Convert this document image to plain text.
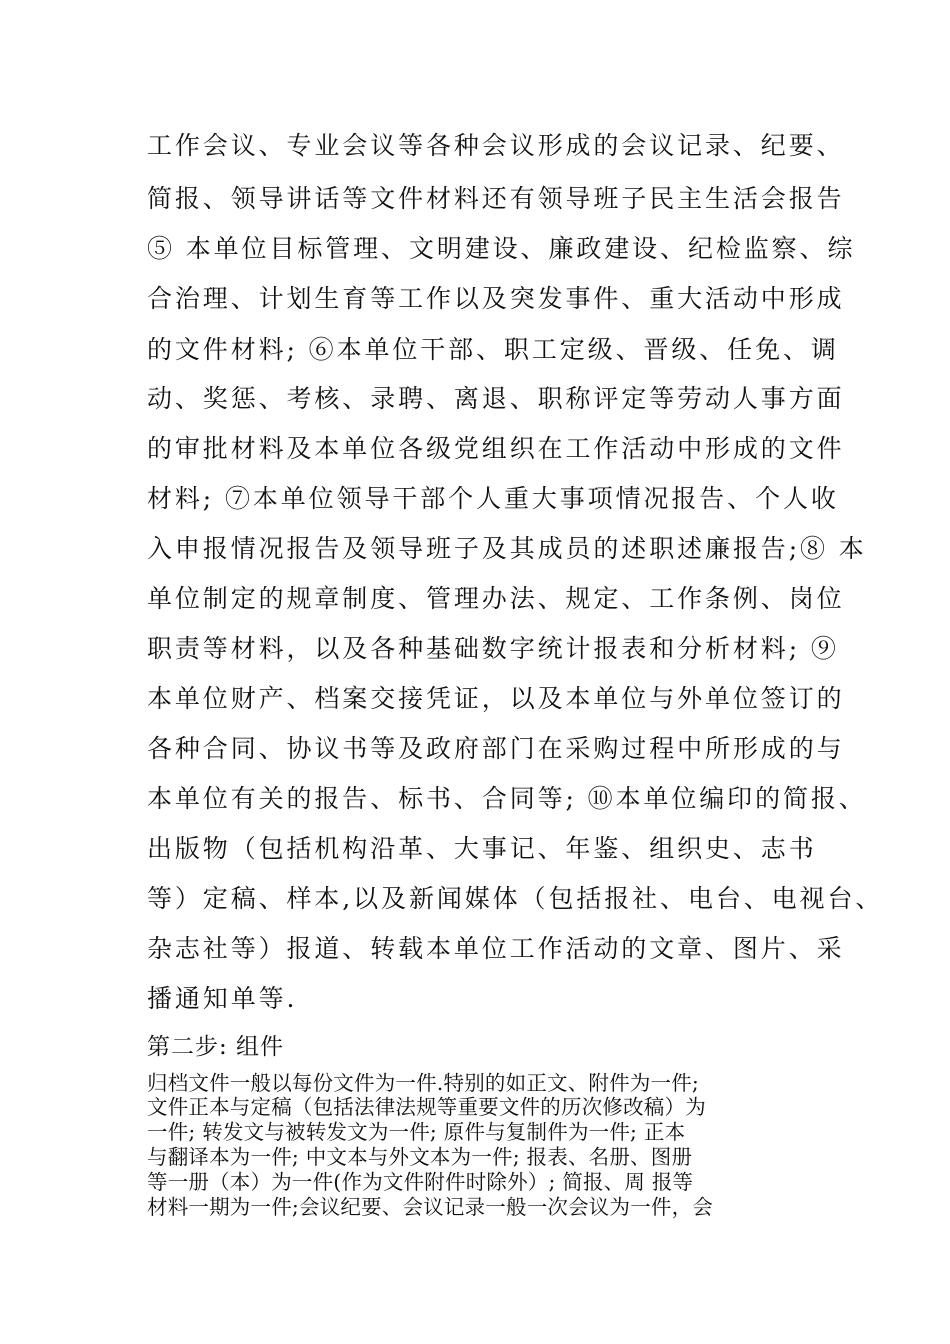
工作会议、专业会议等各种会议形成的会议记录、纪要、

简报、领导讲话等文件材料还有领导班子民主生活会报告

⑤ 本单位目标管理、文明建设、廉政建设、纪检监察、综

合治理、计划生育等工作以及突发事件、重大活动中形成

的文件材料; ⑥本单位干部、职工定级、晋级、任免、调

动、奖惩、考核、录聘、离退、职称评定等劳动人事方面

的审批材料及本单位各级党组织在工作活动中形成的文件

材料; ⑦本单位领导干部个人重大事项情况报告、个人收

入申报情况报告及领导班子及其成员的述职述廉报告;⑧ 本

单位制定的规章制度、管理办法、规定、工作条例、岗位

职责等材料，以及各种基础数字统计报表和分析材料; ⑨

本单位财产、档案交接凭证，以及本单位与外单位签订的

各种合同、协议书等及政府部门在采购过程中所形成的与

本单位有关的报告、标书、合同等; ⑩本单位编印的简报、

出版物（包括机构沿革、大事记、年鉴、组织史、志书

等）定稿、样本,以及新闻媒体（包括报社、电台、电视台、

杂志社等）报道、转载本单位工作活动的文章、图片、采

播通知单等.

第二步: 组件

归档文件一般以每份文件为一件.特别的如正文、附件为一件;

文件正本与定稿（包括法律法规等重要文件的历次修改稿）为

一件; 转发文与被转发文为一件; 原件与复制件为一件; 正本

与翻译本为一件; 中文本与外文本为一件; 报表、名册、图册

等一册（本）为一件(作为文件附件时除外）; 简报、周 报等

材料一期为一件;会议纪要、会议记录一般一次会议为一件，会
